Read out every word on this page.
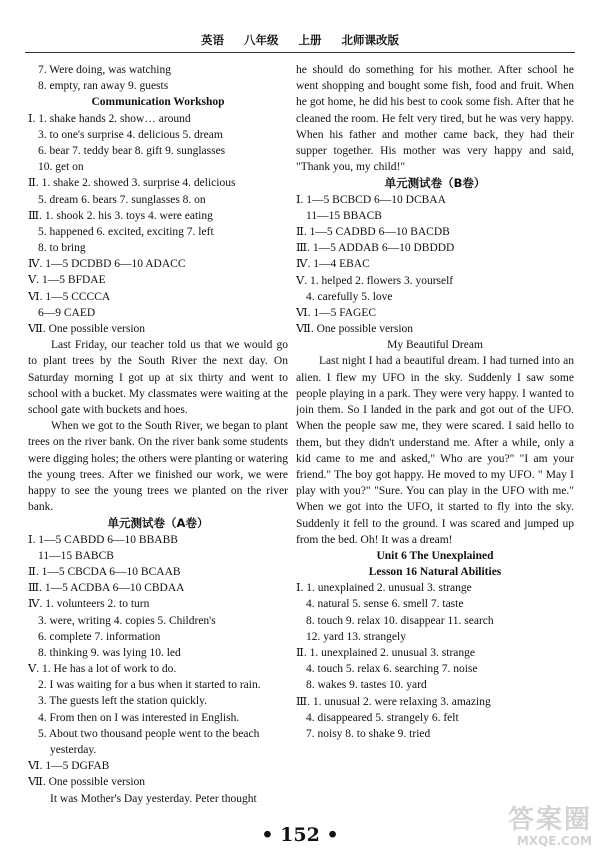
英语 八年级 上册 北师课改版
7. Were doing, was watching
8. empty, ran away 9. guests
Communication Workshop
Ⅰ. 1. shake hands 2. show… around
3. to one's surprise 4. delicious 5. dream
6. bear 7. teddy bear 8. gift 9. sunglasses
10. get on
Ⅱ. 1. shake 2. showed 3. surprise 4. delicious
5. dream 6. bears 7. sunglasses 8. on
Ⅲ. 1. shook 2. his 3. toys 4. were eating
5. happened 6. excited, exciting 7. left
8. to bring
Ⅳ. 1—5 DCDBD 6—10 ADACC
Ⅴ. 1—5 BFDAE
Ⅵ. 1—5 CCCCA
6—9 CAED
Ⅶ. One possible version
Last Friday, our teacher told us that we would go to plant trees by the South River the next day. On Saturday morning I got up at six thirty and went to school with a bucket. My classmates were waiting at the school gate with buckets and hoes.
When we got to the South River, we began to plant trees on the river bank. On the river bank some students were digging holes; the others were planting or watering the young trees. After we finished our work, we were happy to see the young trees we planted on the river bank.
单元测试卷（A卷）
Ⅰ. 1—5 CABDD 6—10 BBABB
11—15 BABCB
Ⅱ. 1—5 CBCDA 6—10 BCAAB
Ⅲ. 1—5 ACDBA 6—10 CBDAA
Ⅳ. 1. volunteers 2. to turn
3. were, writing 4. copies 5. Children's
6. complete 7. information
8. thinking 9. was lying 10. led
Ⅴ. 1. He has a lot of work to do.
2. I was waiting for a bus when it started to rain.
3. The guests left the station quickly.
4. From then on I was interested in English.
5. About two thousand people went to the beach
yesterday.
Ⅵ. 1—5 DGFAB
Ⅶ. One possible version
It was Mother's Day yesterday. Peter thought
he should do something for his mother. After school he went shopping and bought some fish, food and fruit. When he got home, he did his best to cook some fish. After that he cleaned the room. He felt very tired, but he was very happy. When his father and mother came back, they had their supper together. His mother was very happy and said, "Thank you, my child!"
单元测试卷（B卷）
Ⅰ. 1—5 BCBCD 6—10 DCBAA
11—15 BBACB
Ⅱ. 1—5 CADBD 6—10 BACDB
Ⅲ. 1—5 ADDAB 6—10 DBDDD
Ⅳ. 1—4 EBAC
Ⅴ. 1. helped 2. flowers 3. yourself
4. carefully 5. love
Ⅵ. 1—5 FAGEC
Ⅶ. One possible version
My Beautiful Dream
Last night I had a beautiful dream. I had turned into an alien. I flew my UFO in the sky. Suddenly I saw some people playing in a park. They were very happy. I wanted to join them. So I landed in the park and got out of the UFO. When the people saw me, they were scared. I said hello to them, but they didn't understand me. After a while, only a kid came to me and asked," Who are you?" "I am your friend." The boy got happy. He moved to my UFO. " May I play with you?" "Sure. You can play in the UFO with me." When we got into the UFO, it started to fly into the sky. Suddenly it fell to the ground. I was scared and jumped up from the bed. Oh! It was a dream!
Unit 6 The Unexplained
Lesson 16 Natural Abilities
Ⅰ. 1. unexplained 2. unusual 3. strange
4. natural 5. sense 6. smell 7. taste
8. touch 9. relax 10. disappear 11. search
12. yard 13. strangely
Ⅱ. 1. unexplained 2. unusual 3. strange
4. touch 5. relax 6. searching 7. noise
8. wakes 9. tastes 10. yard
Ⅲ. 1. unusual 2. were relaxing 3. amazing
4. disappeared 5. strangely 6. felt
7. noisy 8. to shake 9. tried
• 152 •	答案圈
MXQE.COM
